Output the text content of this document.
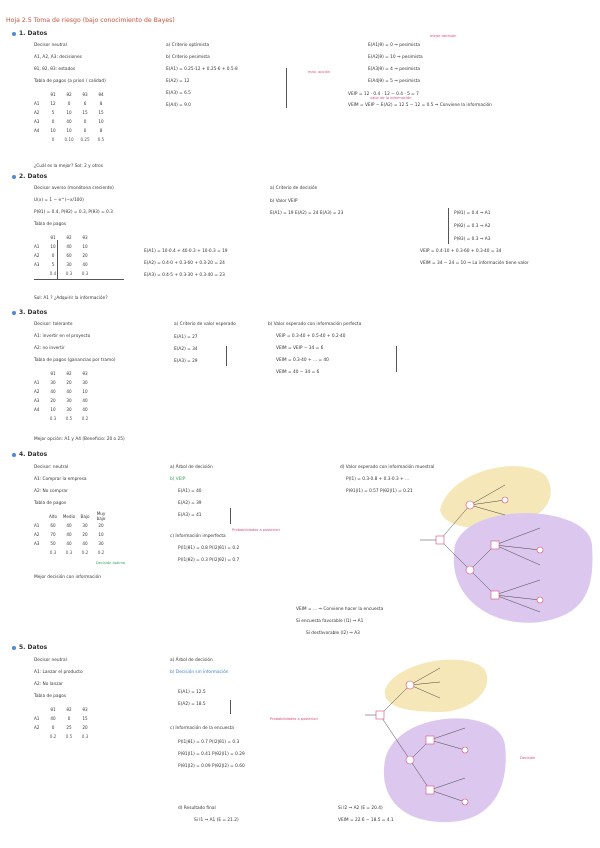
Hoja 2.5 Toma de riesgo (bajo conocimiento de Bayes)
1. Datos
Decisor neutral
A1, A2, A3: decisiones
θ1, θ2, θ3: estados
Tabla de pagos (a priori / calidad)
	θ1	θ2	θ3	θ4
A1	12	0	6	8
A2	5	10	15	15
A3	0	40	0	10
A4	10	10	0	8
	0	0.10	0.25	0.5
¿Cuál es la mejor? Sol: 2 y otros
a) Criterio optimista
b) Criterio pesimista
E(A1) = 0.25·12 + 0.25·6 + 0.5·8
E(A2) = 12
E(A3) = 6.5
E(A4) = 9.0
E(A1|θ) = 0 ⇒ pesimista
E(A2|θ) = 10 ⇒ pesimista
E(A3|θ) = 4 ⇒ pesimista
E(A4|θ) = 5 ⇒ pesimista
VEIP = 12 · 0.4 · 12 − 0.4 · 5 = 7
VEIM = VEIP − E(A2) = 12.5 − 12 = 0.5 ⇒ Conviene la información
mejor decisión
max. opción
valor de la información
2. Datos
Decisor averso (monótona creciente)
U(x) = 1 − e^(−x/100)
P(θ1) = 0.4, P(θ2) = 0.3, P(θ3) = 0.3
Tabla de pagos
	θ1	θ2	θ3
A1	10	40	10
A2	0	60	20
A3	5	30	40
	0.4	0.3	0.3
Sol: A1 ? ¿Adquirir la información?
E(A1) = 10·0.4 + 40·0.3 + 10·0.3 = 19
E(A2) = 0.4·0 + 0.3·60 + 0.3·20 = 24
E(A3) = 0.4·5 + 0.3·30 + 0.3·40 = 23
a) Criterio de decisión
b) Valor VEIP
E(A1) = 19 E(A2) = 24 E(A3) = 23	P(θ1) = 0.4 ⇒ A1
P(θ2) = 0.3 ⇒ A2
P(θ3) = 0.3 ⇒ A3
VEIP = 0.4·10 + 0.3·60 + 0.3·40 = 34
VEIM = 34 − 24 = 10 ⇒ La información tiene valor
3. Datos
Decisor: tolerante
A1: invertir en el proyecto
A2: no invertir
Tabla de pagos (ganancias por tramo)
	θ1	θ2	θ3
A1	30	20	30
A2	40	40	10
A3	20	30	40
A4	10	30	40
	0.3	0.5	0.2
Mejor opción: A1 y A4 (Beneficio: 20 o 25)
a) Criterio de valor esperado
E(A1) = 27
E(A2) = 34
E(A3) = 29
b) Valor esperado con información perfecta
VEIP = 0.3·40 + 0.5·40 + 0.2·40
VEIM = VEIP − 34 = 6
VEIM = 0.3·40 + ... = 40
VEIM = 40 − 34 = 6
4. Datos
Decisor: neutral
A1: Comprar la empresa
A2: No comprar
Tabla de pagos
	Alto	Medio	Bajo	Muy bajo
A1	60	40	30	20
A2	70	40	20	10
A3	50	40	40	30
	0.3	0.3	0.2	0.2
Mejor decisión con información
a) Árbol de decisión
b) VEIP
E(A1) = 40
E(A2) = 39
E(A3) = 41
c) Información imperfecta
P(I1|θ1) = 0.8 P(I2|θ1) = 0.2
P(I1|θ2) = 0.3 P(I2|θ2) = 0.7
d) Valor esperado con información muestral
P(I1) = 0.3·0.8 + 0.3·0.3 + ...
P(θ1|I1) = 0.57 P(θ2|I1) = 0.21
VEIM = ... ⇒ Conviene hacer la encuesta
Si encuesta favorable (I1) ⇒ A1
Si desfavorable (I2) ⇒ A3
Probabilidades a posteriori
Decisión óptima
5. Datos
Decisor neutral
A1: Lanzar el producto
A2: No lanzar
Tabla de pagos
	θ1	θ2	θ3
A1	40	0	15
A2	0	25	20
	0.2	0.5	0.3
a) Árbol de decisión
b) Decisión sin información
E(A1) = 12.5
E(A2) = 18.5
c) Información de la encuesta
P(I1|θ1) = 0.7 P(I2|θ1) = 0.3
P(θ1|I1) = 0.41 P(θ2|I1) = 0.29
P(θ1|I2) = 0.09 P(θ2|I2) = 0.60
d) Resultado final
Si I1 ⇒ A1 (E = 21.2)
Si I2 ⇒ A2 (E = 20.4)
VEIM = 22.6 − 18.5 = 4.1
Probabilidades a posteriori
Decisión
